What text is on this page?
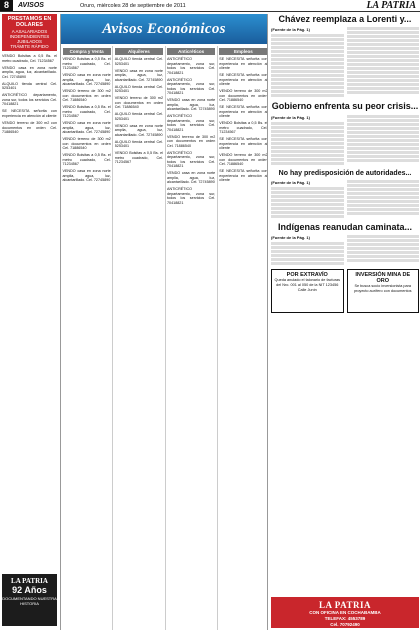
8	AVISOS	Oruro, miércoles 28 de septiembre de 2011	LA PATRIA
PRESTAMOS EN DOLARES
A ASALARIADOS
INDEPENDIENTES
JUBILADOS
TRÁMITE RÁPIDO
VENDO Bolsitas a 0,5 Bs. el metro cuadrado, Cel. 71234567
VENDO casa en zona norte amplia, agua, luz, alcantarillado. Cel. 72745890
ALQUILO tienda central Cel. 5253401
ANTICRÉTICO departamento, zona sur, todos los servicios Cel. 70418821
SE NECESITA señorita con experiencia en atención al cliente
VENDO terreno de 300 m2 con documentos en orden Cel. 71886540
LA PATRIA
92 Años
DOCUMENTANDO NUESTRA HISTORIA
Avisos Económicos
Compra y Venta
VENDO Bolsitas a 0,5 Bs. el metro cuadrado, Cel. 71234567
VENDO casa en zona norte amplia, agua, luz, alcantarillado. Cel. 72745890
VENDO terreno de 300 m2 con documentos en orden Cel. 71886540
VENDO Bolsitas a 0,5 Bs. el metro cuadrado, Cel. 71234567
VENDO casa en zona norte amplia, agua, luz, alcantarillado. Cel. 72745890
VENDO terreno de 300 m2 con documentos en orden Cel. 71886540
VENDO Bolsitas a 0,5 Bs. el metro cuadrado, Cel. 71234567
VENDO casa en zona norte amplia, agua, luz, alcantarillado. Cel. 72745890
Alquileres
ALQUILO tienda central Cel. 5253401
VENDO casa en zona norte amplia, agua, luz, alcantarillado. Cel. 72745890
ALQUILO tienda central Cel. 5253401
VENDO terreno de 300 m2 con documentos en orden Cel. 71886540
ALQUILO tienda central Cel. 5253401
VENDO casa en zona norte amplia, agua, luz, alcantarillado. Cel. 72745890
ALQUILO tienda central Cel. 5253401
VENDO Bolsitas a 0,5 Bs. el metro cuadrado, Cel. 71234567
Anticréticos
ANTICRÉTICO departamento, zona sur, todos los servicios Cel. 70418821
ANTICRÉTICO departamento, zona sur, todos los servicios Cel. 70418821
VENDO casa en zona norte amplia, agua, luz, alcantarillado. Cel. 72745890
ANTICRÉTICO departamento, zona sur, todos los servicios Cel. 70418821
VENDO terreno de 300 m2 con documentos en orden Cel. 71886540
ANTICRÉTICO departamento, zona sur, todos los servicios Cel. 70418821
VENDO casa en zona norte amplia, agua, luz, alcantarillado. Cel. 72745890
ANTICRÉTICO departamento, zona sur, todos los servicios Cel. 70418821
Empleos
SE NECESITA señorita con experiencia en atención al cliente
SE NECESITA señorita con experiencia en atención al cliente
VENDO terreno de 300 m2 con documentos en orden Cel. 71886540
SE NECESITA señorita con experiencia en atención al cliente
VENDO Bolsitas a 0,5 Bs. el metro cuadrado, Cel. 71234567
SE NECESITA señorita con experiencia en atención al cliente
VENDO terreno de 300 m2 con documentos en orden Cel. 71886540
SE NECESITA señorita con experiencia en atención al cliente
Chávez reemplaza a Lorenti y...
(Fuente de la Pág. 1)
Gobierno enfrenta su peor crisis...
(Fuente de la Pág. 1)
No hay predisposición de autoridades...
(Fuente de la Pág. 1)
Indígenas reanudan caminata...
(Fuente de la Pág. 1)
POR EXTRAVÍO
Queda anulado el talonario de facturas del Nro. 001 al 050 de la NIT 123456 Calle Junín
INVERSIÓN MINA DE ORO
Se busca socio inversionista para proyecto aurífero con documentos
LA PATRIA
CON OFICINA EN COCHABAMBA
TELEFAX: 4553789
Cel. 70792490
